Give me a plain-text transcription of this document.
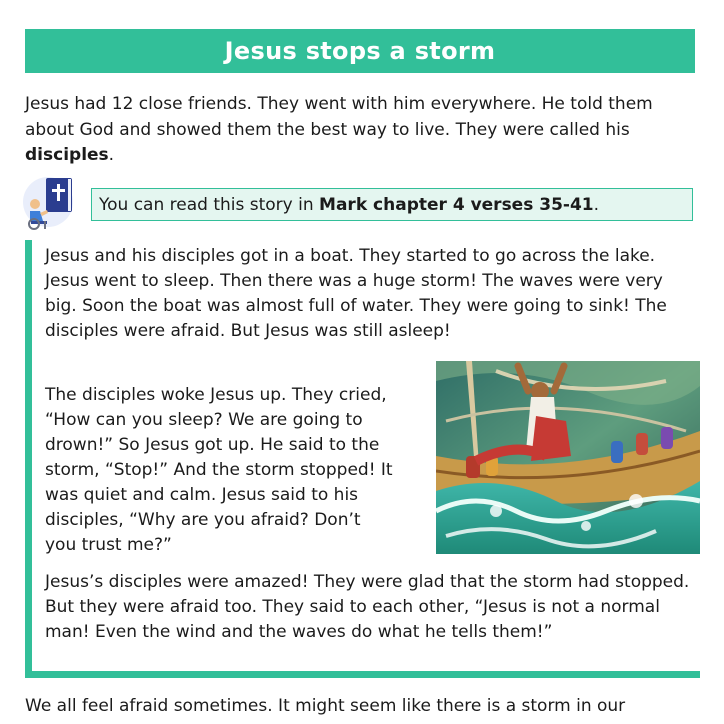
Jesus stops a storm
Jesus had 12 close friends. They went with him everywhere. He told them about God and showed them the best way to live. They were called his disciples.
You can read this story in Mark chapter 4 verses 35-41 .

Jesus and his disciples got in a boat. They started to go across the lake. Jesus went to sleep. Then there was a huge storm! The waves were very big. Soon the boat was almost full of water. They were going to sink! The disciples were afraid. But Jesus was still asleep!

The disciples woke Jesus up. They cried, “How can you sleep? We are going to drown!” So Jesus got up. He said to the storm, “Stop!” And the storm stopped! It was quiet and calm. Jesus said to his disciples, “Why are you afraid? Don’t you trust me?”

Jesus’s disciples were amazed! They were glad that the storm had stopped. But they were afraid too. They said to each other, “Jesus is not a normal man! Even the wind and the waves do what he tells them!”

We all feel afraid sometimes. It might seem like there is a storm in our
